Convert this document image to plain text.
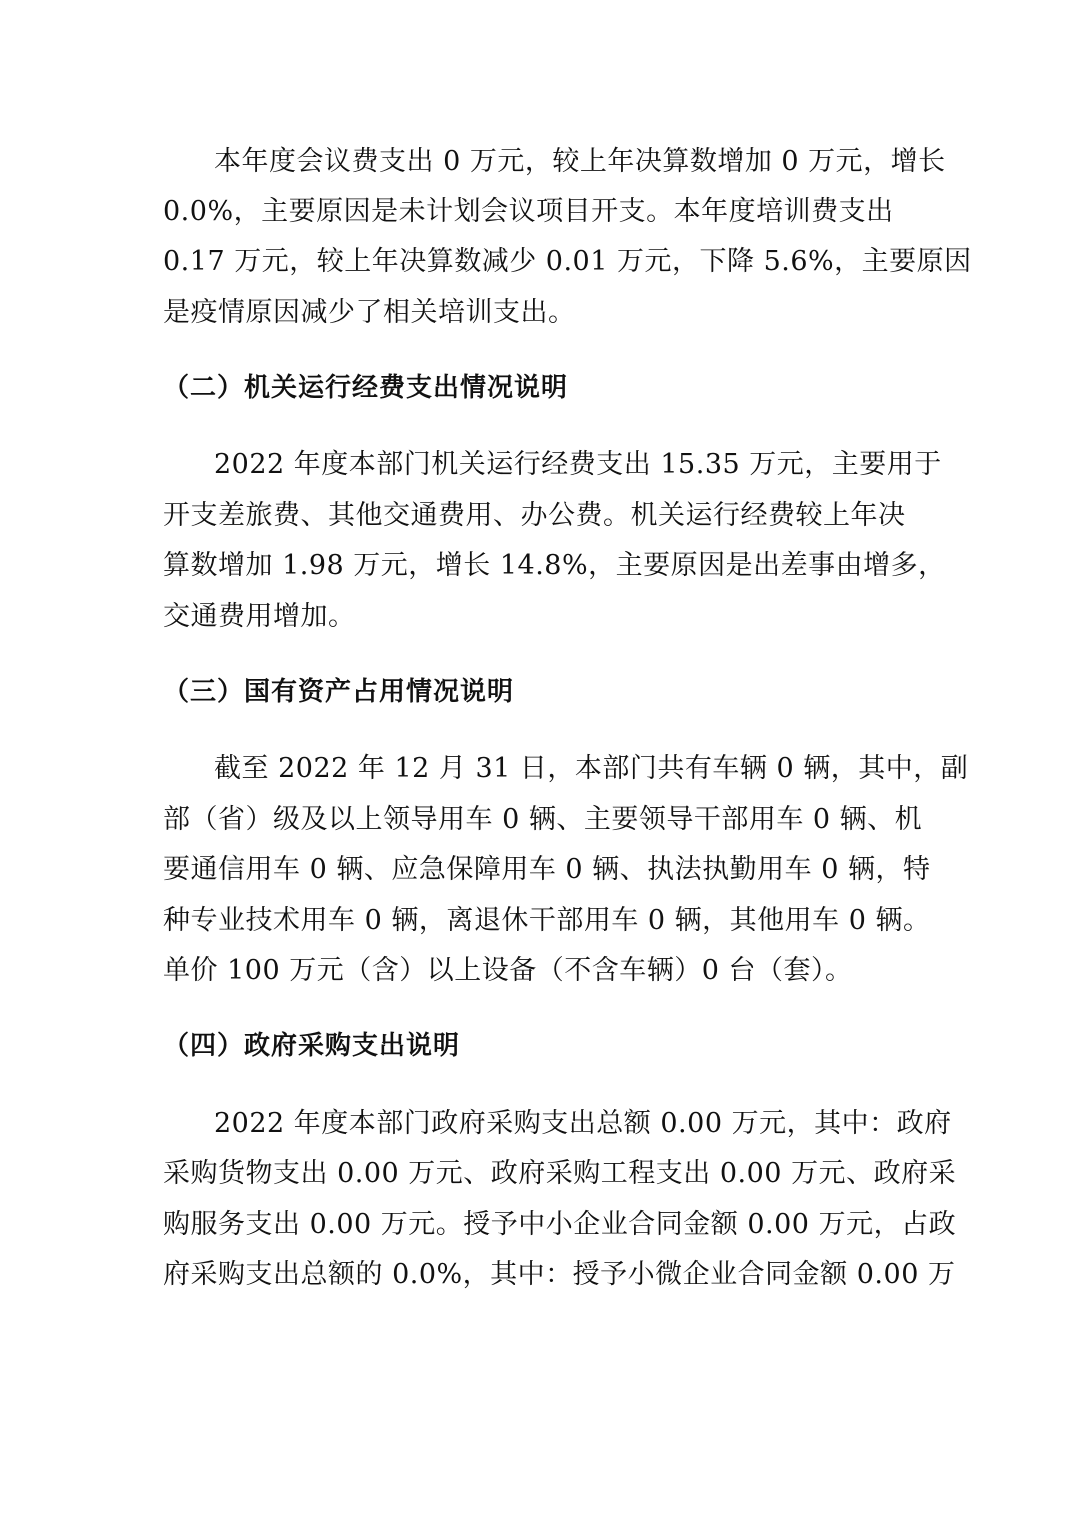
本年度会议费支出 0 万元，较上年决算数增加 0 万元，增长
0.0%，主要原因是未计划会议项目开支。本年度培训费支出
0.17 万元，较上年决算数减少 0.01 万元，下降 5.6%，主要原因
是疫情原因减少了相关培训支出。
（二）机关运行经费支出情况说明
2022 年度本部门机关运行经费支出 15.35 万元，主要用于
开支差旅费、其他交通费用、办公费。机关运行经费较上年决
算数增加 1.98 万元，增长 14.8%，主要原因是出差事由增多，
交通费用增加。
（三）国有资产占用情况说明
截至 2022 年 12 月 31 日，本部门共有车辆 0 辆，其中，副
部（省）级及以上领导用车 0 辆、主要领导干部用车 0 辆、机
要通信用车 0 辆、应急保障用车 0 辆、执法执勤用车 0 辆，特
种专业技术用车 0 辆，离退休干部用车 0 辆，其他用车 0 辆。
单价 100 万元（含）以上设备（不含车辆）0 台（套）。
（四）政府采购支出说明
2022 年度本部门政府采购支出总额 0.00 万元，其中：政府
采购货物支出 0.00 万元、政府采购工程支出 0.00 万元、政府采
购服务支出 0.00 万元。授予中小企业合同金额 0.00 万元，占政
府采购支出总额的 0.0%，其中：授予小微企业合同金额 0.00 万
